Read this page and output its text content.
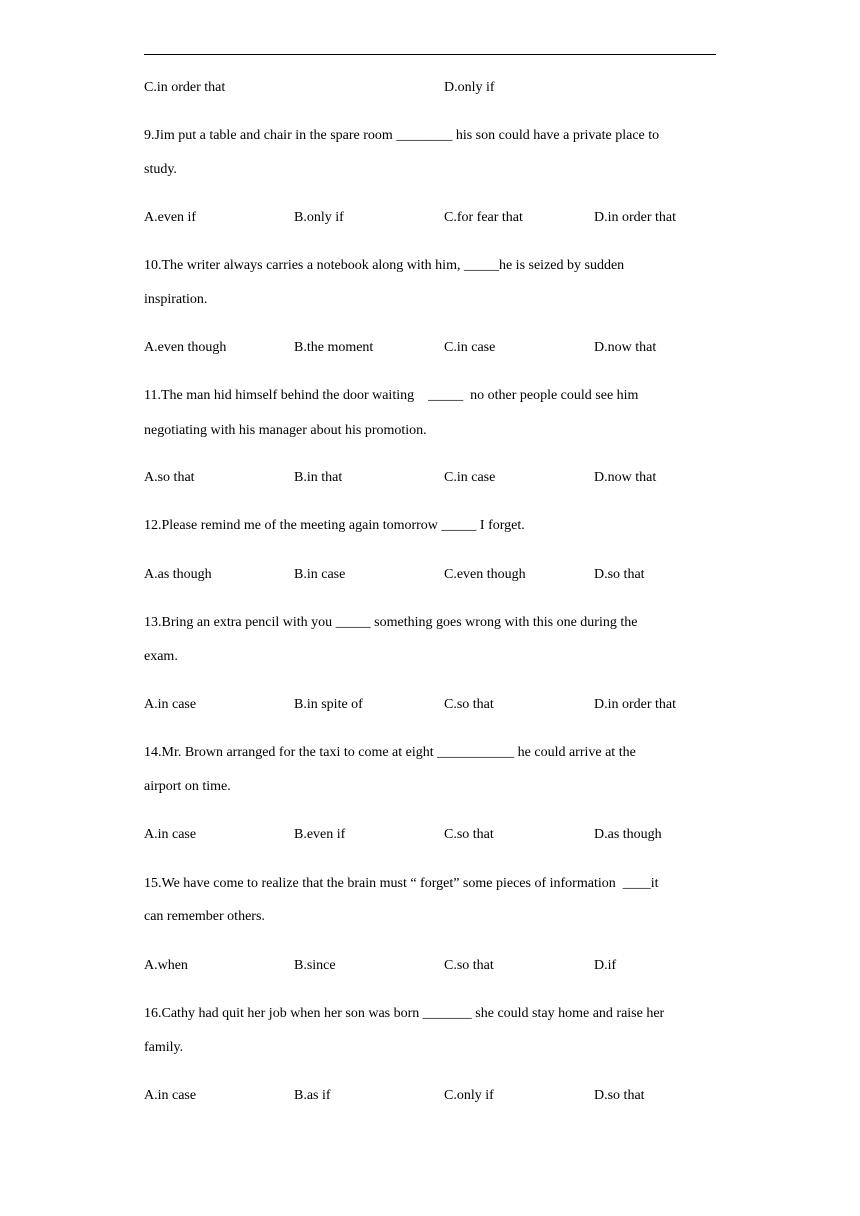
C.in order that

	D.only if

9.Jim put a table and chair in the spare room ________ his son could have a private place to
study.

A.even if

	B.only if

	C.for fear that

	D.in order that

10.The writer always carries a notebook along with him, _____he is seized by sudden
inspiration.

A.even though

	B.the moment

	C.in case

	D.now that

11.The man hid himself behind the door waiting    _____  no other people could see him
negotiating with his manager about his promotion.

A.so that

	B.in that

	C.in case

	D.now that

12.Please remind me of the meeting again tomorrow _____ I forget.

A.as though

	B.in case

	C.even though

	D.so that

13.Bring an extra pencil with you _____ something goes wrong with this one during the
exam.

A.in case

	B.in spite of

	C.so that

	D.in order that

14.Mr. Brown arranged for the taxi to come at eight ___________ he could arrive at the
airport on time.

A.in case

	B.even if

	C.so that

	D.as though

15.We have come to realize that the brain must “ forget” some pieces of information  ____it
can remember others.

A.when

	B.since

	C.so that

	D.if

16.Cathy had quit her job when her son was born _______ she could stay home and raise her
family.

A.in case

	B.as if

	C.only if

	D.so that
